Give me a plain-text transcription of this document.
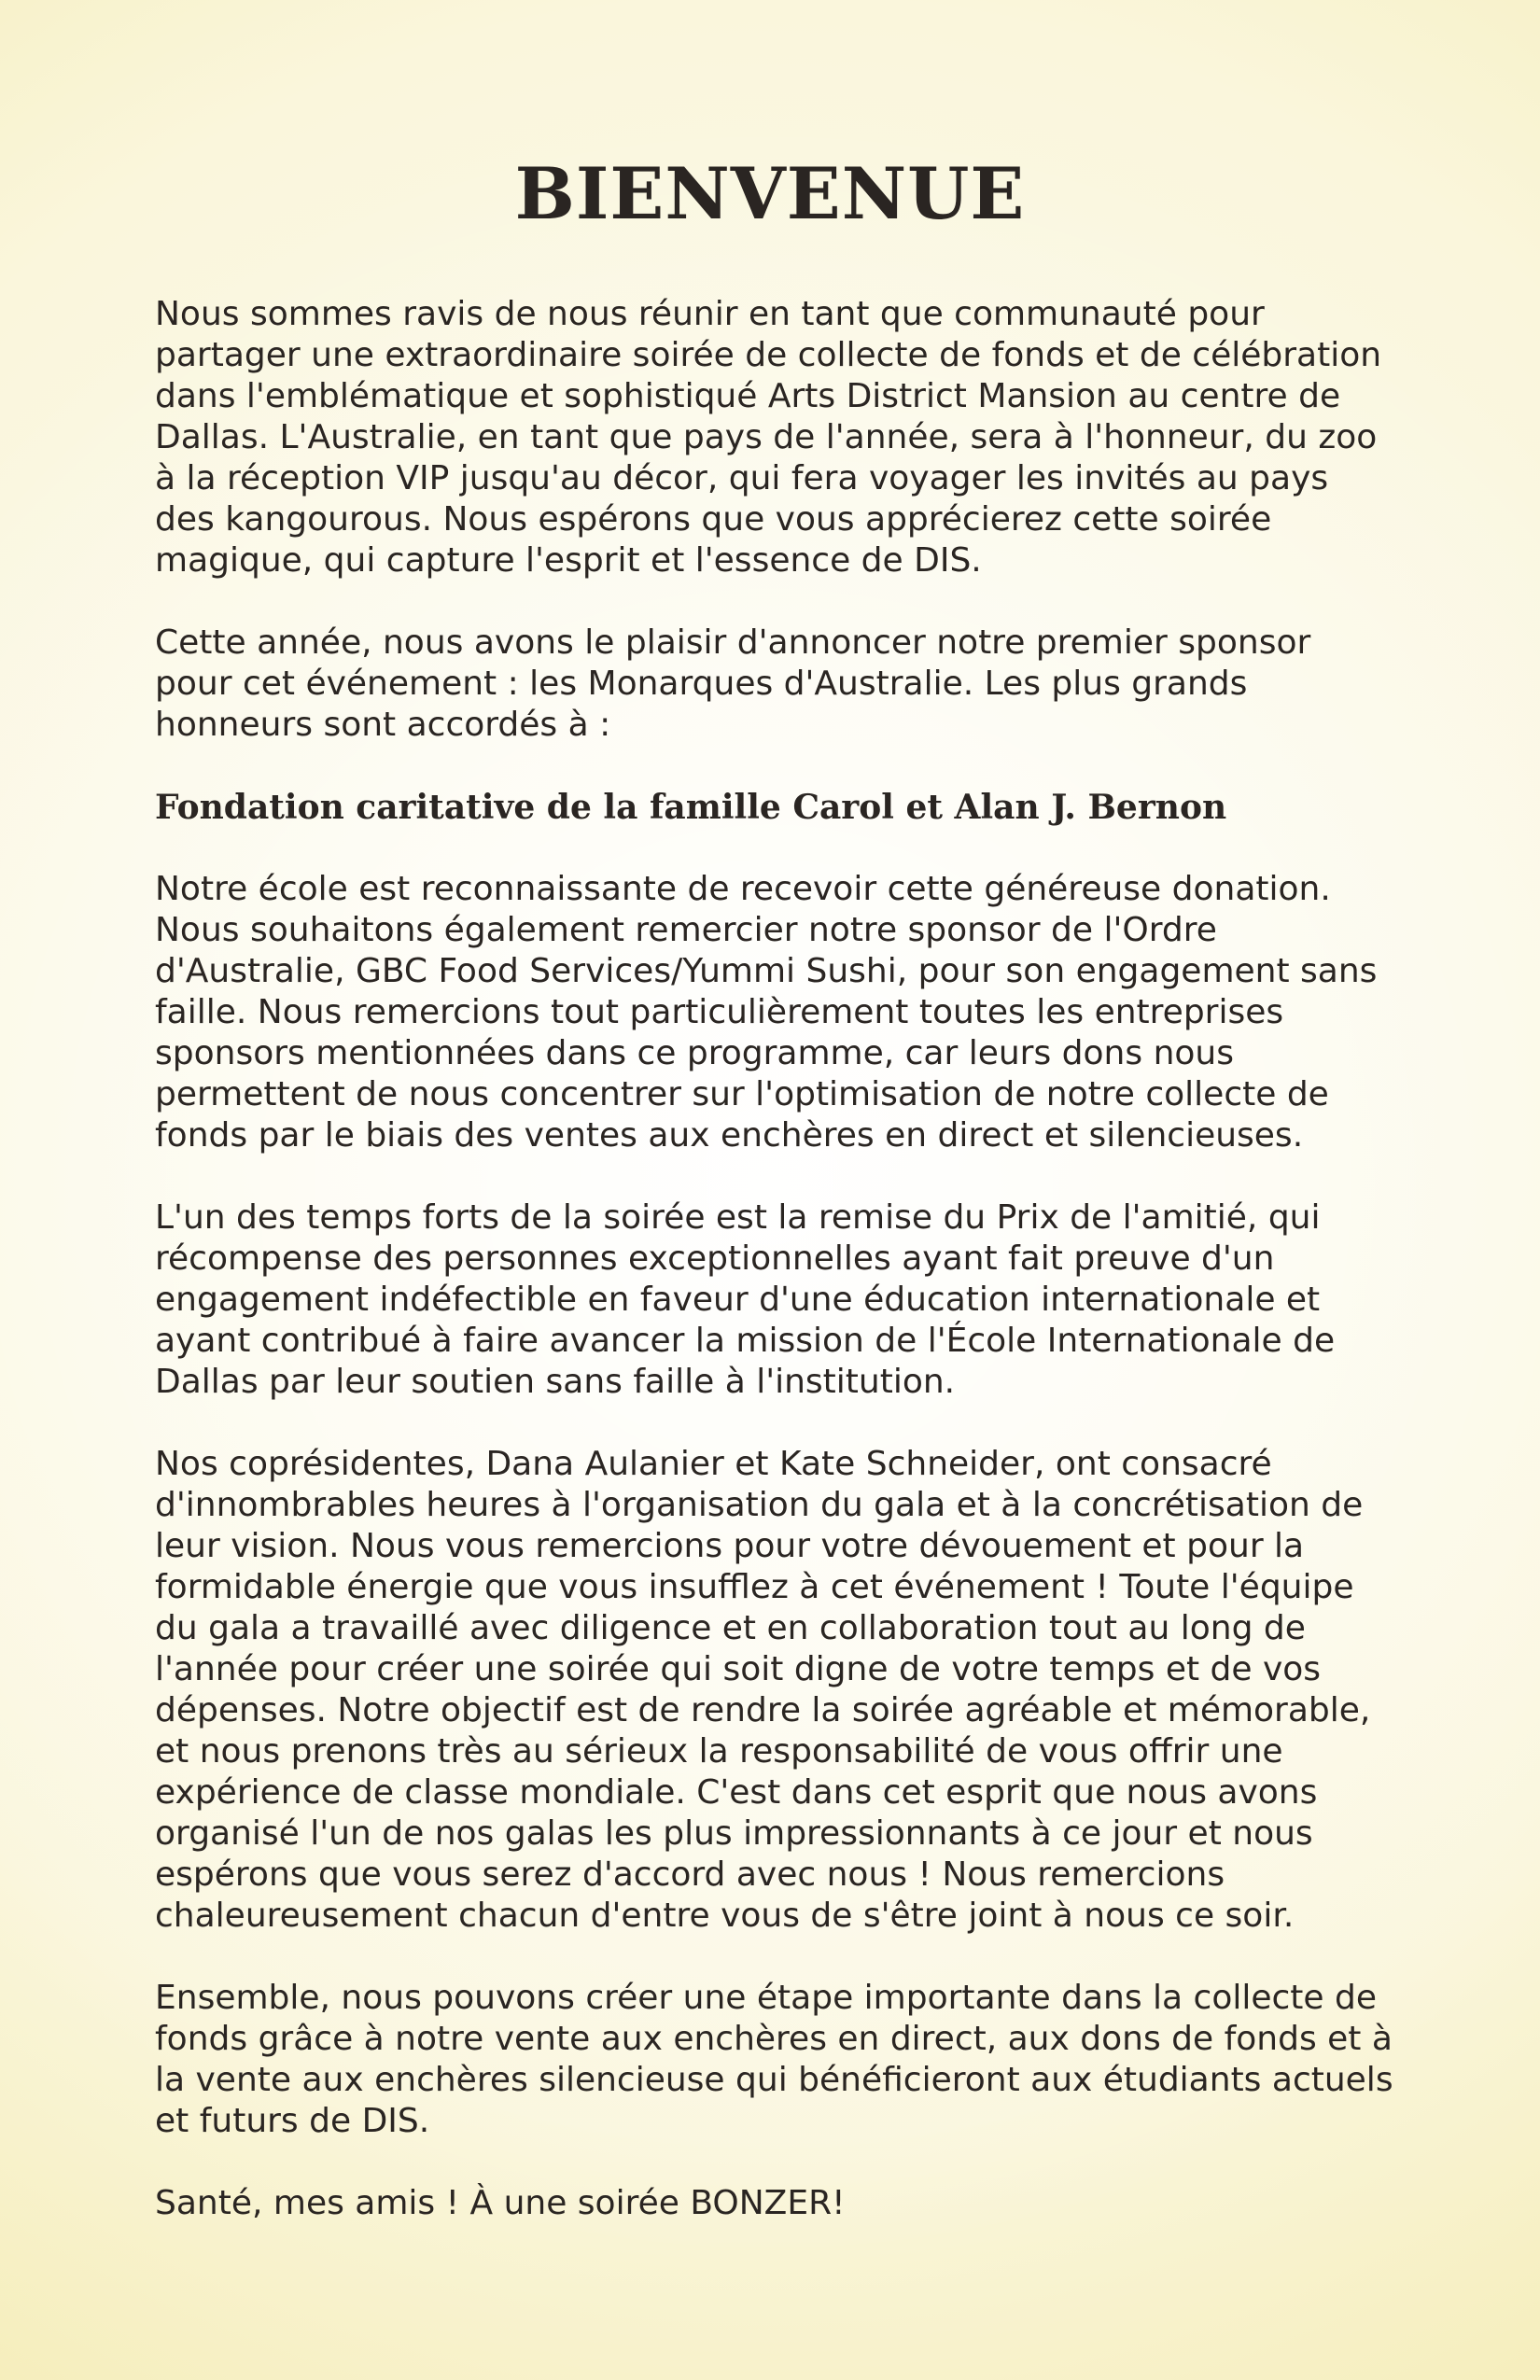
BIENVENUE

Nous sommes ravis de nous réunir en tant que communauté pour partager une extraordinaire soirée de collecte de fonds et de célébration dans l'emblématique et sophistiqué Arts District Mansion au centre de Dallas. L'Australie, en tant que pays de l'année, sera à l'honneur, du zoo à la réception VIP jusqu'au décor, qui fera voyager les invités au pays des kangourous. Nous espérons que vous apprécierez cette soirée magique, qui capture l'esprit et l'essence de DIS.

Cette année, nous avons le plaisir d'annoncer notre premier sponsor pour cet événement : les Monarques d'Australie. Les plus grands honneurs sont accordés à :

Fondation caritative de la famille Carol et Alan J. Bernon

Notre école est reconnaissante de recevoir cette généreuse donation. Nous souhaitons également remercier notre sponsor de l'Ordre d'Australie, GBC Food Services/Yummi Sushi, pour son engagement sans faille. Nous remercions tout particulièrement toutes les entreprises sponsors mentionnées dans ce programme, car leurs dons nous permettent de nous concentrer sur l'optimisation de notre collecte de fonds par le biais des ventes aux enchères en direct et silencieuses.

L'un des temps forts de la soirée est la remise du Prix de l'amitié, qui récompense des personnes exceptionnelles ayant fait preuve d'un engagement indéfectible en faveur d'une éducation internationale et ayant contribué à faire avancer la mission de l'École Internationale de Dallas par leur soutien sans faille à l'institution.

Nos coprésidentes, Dana Aulanier et Kate Schneider, ont consacré d'innombrables heures à l'organisation du gala et à la concrétisation de leur vision. Nous vous remercions pour votre dévouement et pour la formidable énergie que vous insufflez à cet événement ! Toute l'équipe du gala a travaillé avec diligence et en collaboration tout au long de l'année pour créer une soirée qui soit digne de votre temps et de vos dépenses. Notre objectif est de rendre la soirée agréable et mémorable, et nous prenons très au sérieux la responsabilité de vous offrir une expérience de classe mondiale. C'est dans cet esprit que nous avons organisé l'un de nos galas les plus impressionnants à ce jour et nous espérons que vous serez d'accord avec nous ! Nous remercions chaleureusement chacun d'entre vous de s'être joint à nous ce soir.

Ensemble, nous pouvons créer une étape importante dans la collecte de fonds grâce à notre vente aux enchères en direct, aux dons de fonds et à la vente aux enchères silencieuse qui bénéficieront aux étudiants actuels et futurs de DIS.

Santé, mes amis ! À une soirée BONZER!
